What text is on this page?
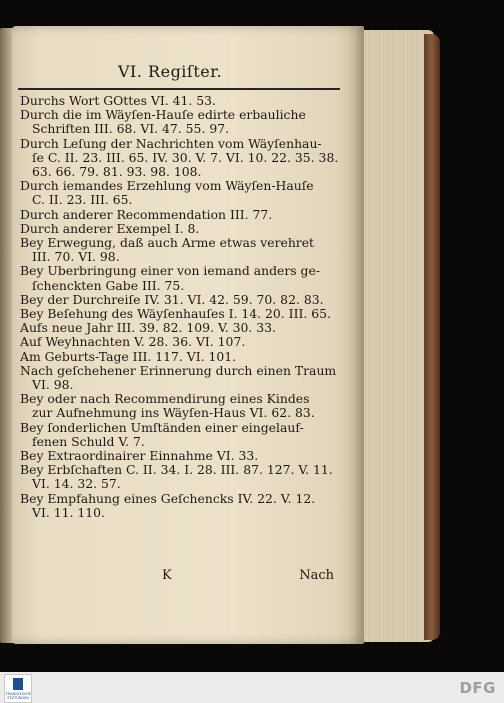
VI. Regiſter.
Durchs Wort GOttes VI. 41. 53.
Durch die im Wäyſen-Hauſe edirte erbauliche
Schriften III. 68. VI. 47. 55. 97.
Durch Leſung der Nachrichten vom Wäyſenhau-
ſe C. II. 23. III. 65. IV. 30. V. 7. VI. 10. 22. 35. 38.
63. 66. 79. 81. 93. 98. 108.
Durch iemandes Erzehlung vom Wäyſen-Hauſe
C. II. 23. III. 65.
Durch anderer Recommendation III. 77.
Durch anderer Exempel I. 8.
Bey Erwegung, daß auch Arme etwas verehret
III. 70. VI. 98.
Bey Uberbringung einer von iemand anders ge-
ſchenckten Gabe III. 75.
Bey der Durchreiſe IV. 31. VI. 42. 59. 70. 82. 83.
Bey Beſehung des Wäyſenhauſes I. 14. 20. III. 65.
Aufs neue Jahr III. 39. 82. 109. V. 30. 33.
Auf Weyhnachten V. 28. 36. VI. 107.
Am Geburts-Tage III. 117. VI. 101.
Nach geſchehener Erinnerung durch einen Traum
VI. 98.
Bey oder nach Recommendirung eines Kindes
zur Aufnehmung ins Wäyſen-Haus VI. 62. 83.
Bey ſonderlichen Umſtänden einer eingelauf-
fenen Schuld V. 7.
Bey Extraordinairer Einnahme VI. 33.
Bey Erbſchaften C. II. 34. I. 28. III. 87. 127. V. 11.
VI. 14. 32. 57.
Bey Empfahung eines Geſchencks IV. 22. V. 12.
VI. 11. 110.
K	Nach
FRANCKESCHE STIFTUNGEN
DFG
